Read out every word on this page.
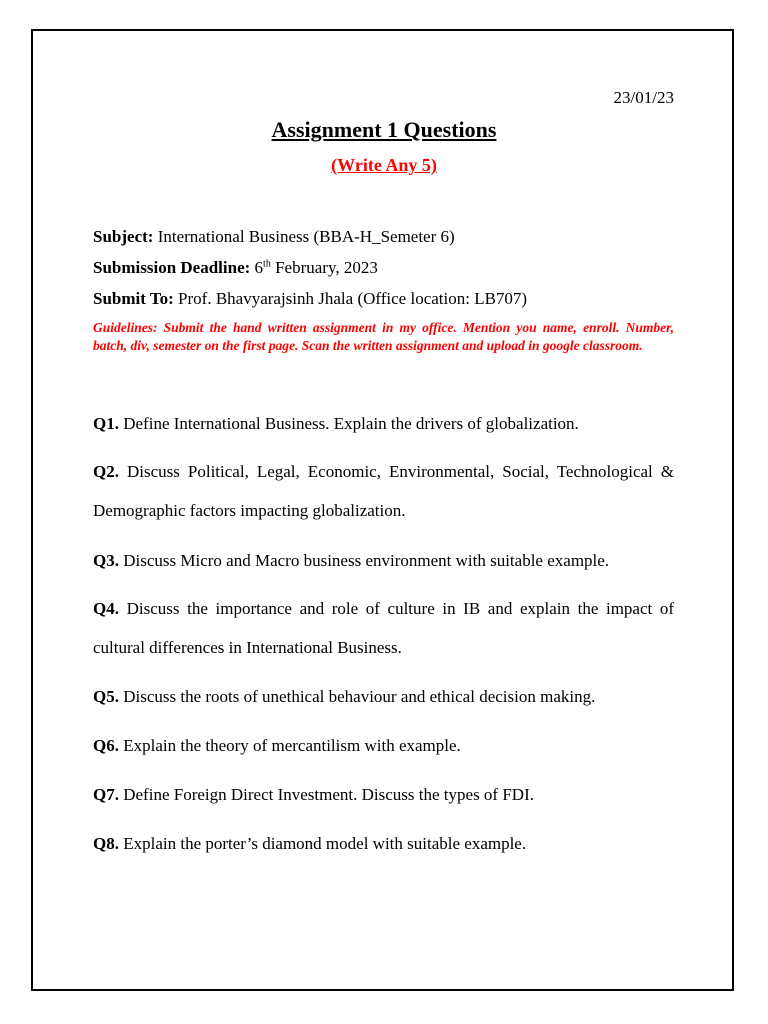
23/01/23
Assignment 1 Questions
(Write Any 5)
Subject: International Business (BBA-H_Semeter 6)
Submission Deadline: 6th February, 2023
Submit To: Prof. Bhavyarajsinh Jhala (Office location: LB707)
Guidelines: Submit the hand written assignment in my office. Mention you name, enroll. Number, batch, div, semester on the first page. Scan the written assignment and upload in google classroom.
Q1. Define International Business. Explain the drivers of globalization.
Q2. Discuss Political, Legal, Economic, Environmental, Social, Technological & Demographic factors impacting globalization.
Q3. Discuss Micro and Macro business environment with suitable example.
Q4. Discuss the importance and role of culture in IB and explain the impact of cultural differences in International Business.
Q5. Discuss the roots of unethical behaviour and ethical decision making.
Q6. Explain the theory of mercantilism with example.
Q7. Define Foreign Direct Investment. Discuss the types of FDI.
Q8. Explain the porter’s diamond model with suitable example.
